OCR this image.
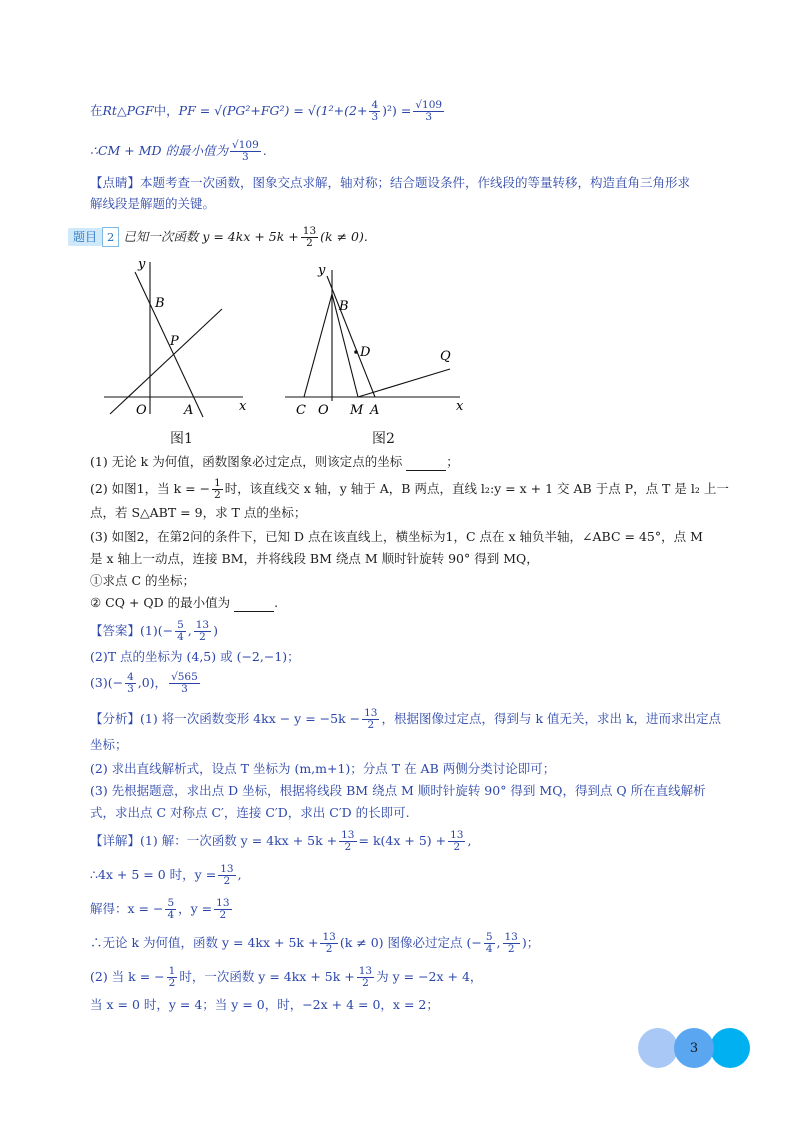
在Rt△PGF中，PF = $√(PG^2+FG^2) = √(1^2+(2+ \frac{4}{3} )^2) = \frac{√109}{3}$
∴CM + MD 的最小值为 $\frac{√109}{3}$ .
【点睛】本题考查一次函数，图象交点求解，轴对称；结合题设条件，作线段的等量转移，构造直角三角形求
解线段是解题的关键。
题目 2 已知一次函数 $y = 4kx + 5k + \frac{13}{2} (k \ne 0)$.
y
x
B
P
O	A
图1
y
x
B
D	Q
C O M A
图2
(1) 无论 k 为何值，函数图象必过定点，则该定点的坐标	；
(2) 如图1，当 k = − $\frac{1}{2}$ 时，该直线交 x 轴，y 轴于 A，B 两点，直线 l₂:y = x + 1 交 AB 于点 P，点 T 是 l₂ 上一
点，若 S△ABT = 9，求 T 点的坐标；
(3) 如图2，在第2问的条件下，已知 D 点在该直线上，横坐标为1，C 点在 x 轴负半轴，∠ABC = 45°，点 M
是 x 轴上一动点，连接 BM，并将线段 BM 绕点 M 顺时针旋转 90° 得到 MQ，
①求点 C 的坐标；
② CQ + QD 的最小值为	.
【答案】$(1)(- \frac{5}{4}$ , $\frac{13}{2}$ )
(2)T 点的坐标为 (4,5) 或 (−2,−1)；
$(3)(- \frac{4}{3} ,0)$， $\frac{√565}{3}$
【分析】(1) 将一次函数变形 $4kx - y = -5k - \frac{13}{2}$ ，根据图像过定点，得到与 k 值无关，求出 k，进而求出定点
坐标；
(2) 求出直线解析式，设点 T 坐标为 (m,m+1)；分点 T 在 AB 两侧分类讨论即可；
(3) 先根据题意，求出点 D 坐标，根据将线段 BM 绕点 M 顺时针旋转 90° 得到 MQ，得到点 Q 所在直线解析
式，求出点 C 对称点 C′，连接 C′D，求出 C′D 的长即可.
【详解】(1) 解：一次函数 $y = 4kx + 5k + \frac{13}{2} = k(4x + 5) + \frac{13}{2}$ ,
∴4x + 5 = 0 时，$y = \frac{13}{2}$ ,
解得：x = − $\frac{5}{4}$ ，$y = \frac{13}{2}$
∴无论 k 为何值，函数 $y = 4kx + 5k + \frac{13}{2} (k \ne 0)$ 图像必过定点 (− $\frac{5}{4}$ , $\frac{13}{2}$ )；
(2) 当 k = − $\frac{1}{2}$ 时，一次函数 $y = 4kx + 5k + \frac{13}{2}$ 为 y = −2x + 4，
当 x = 0 时，y = 4；当 y = 0，时，−2x + 4 = 0，x = 2；
3
